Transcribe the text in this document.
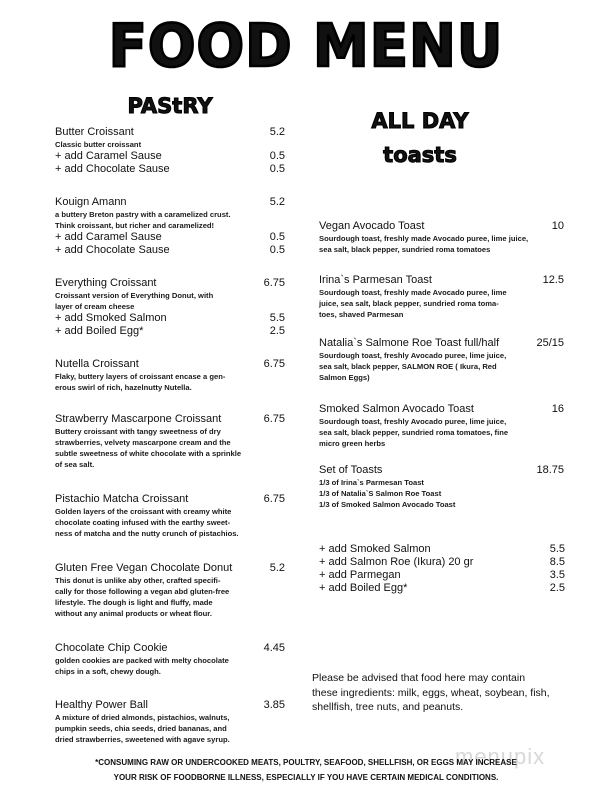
FOOD MENU
PAStRY
ALL DAY
toasts
Butter Croissant	5.2
Classic butter croissant
+ add Caramel Sause	0.5
+ add Chocolate Sause	0.5
Kouign Amann	5.2
a buttery Breton pastry with a caramelized crust.
Think croissant, but richer and caramelized!
+ add Caramel Sause	0.5
+ add Chocolate Sause	0.5
Everything Croissant	6.75
Croissant version of Everything Donut, with
layer of cream cheese
+ add Smoked Salmon	5.5
+ add Boiled Egg*	2.5
Nutella Croissant	6.75
Flaky, buttery layers of croissant encase a gen-
erous swirl of rich, hazelnutty Nutella.
Strawberry Mascarpone Croissant	6.75
Buttery croissant with tangy sweetness of dry
strawberries, velvety mascarpone cream and the
subtle sweetness of white chocolate with a sprinkle
of sea salt.
Pistachio Matcha Croissant	6.75
Golden layers of the croissant with creamy white
chocolate coating infused with the earthy sweet-
ness of matcha and the nutty crunch of pistachios.
Gluten Free Vegan Chocolate Donut	5.2
This donut is unlike aby other, crafted specifi-
cally for those following a vegan abd gluten-free
lifestyle. The dough is light and fluffy, made
without any animal products or wheat flour.
Chocolate Chip Cookie	4.45
golden cookies are packed with melty chocolate
chips in a soft, chewy dough.
Healthy Power Ball	3.85
A mixture of dried almonds, pistachios, walnuts,
pumpkin seeds, chia seeds, dried bananas, and
dried strawberries, sweetened with agave syrup.
Vegan Avocado Toast	10
Sourdough toast, freshly made Avocado puree, lime juice,
sea salt, black pepper, sundried roma tomatoes
Irina`s Parmesan Toast	12.5
Sourdough toast, freshly made Avocado puree, lime
juice, sea salt, black pepper, sundried roma toma-
toes, shaved Parmesan
Natalia`s Salmone Roe Toast full/half	25/15
Sourdough toast, freshly Avocado puree, lime juice,
sea salt, black pepper, SALMON ROE ( Ikura, Red
Salmon Eggs)
Smoked Salmon Avocado Toast	16
Sourdough toast, freshly Avocado puree, lime juice,
sea salt, black pepper, sundried roma tomatoes, fine
micro green herbs
Set of Toasts	18.75
1/3 of Irina`s Parmesan Toast
1/3 of Natalia`S Salmon Roe Toast
1/3 of Smoked Salmon Avocado Toast
+ add Smoked Salmon	5.5
+ add Salmon Roe (Ikura) 20 gr	8.5
+ add Parmegan	3.5
+ add Boiled Egg*	2.5
Please be advised that food here may contain
these ingredients: milk, eggs, wheat, soybean, fish,
shellfish, tree nuts, and peanuts.
menupix
*CONSUMING RAW OR UNDERCOOKED MEATS, POULTRY, SEAFOOD, SHELLFISH, OR EGGS MAY INCREASE
YOUR RISK OF FOODBORNE ILLNESS, ESPECIALLY IF YOU HAVE CERTAIN MEDICAL CONDITIONS.
